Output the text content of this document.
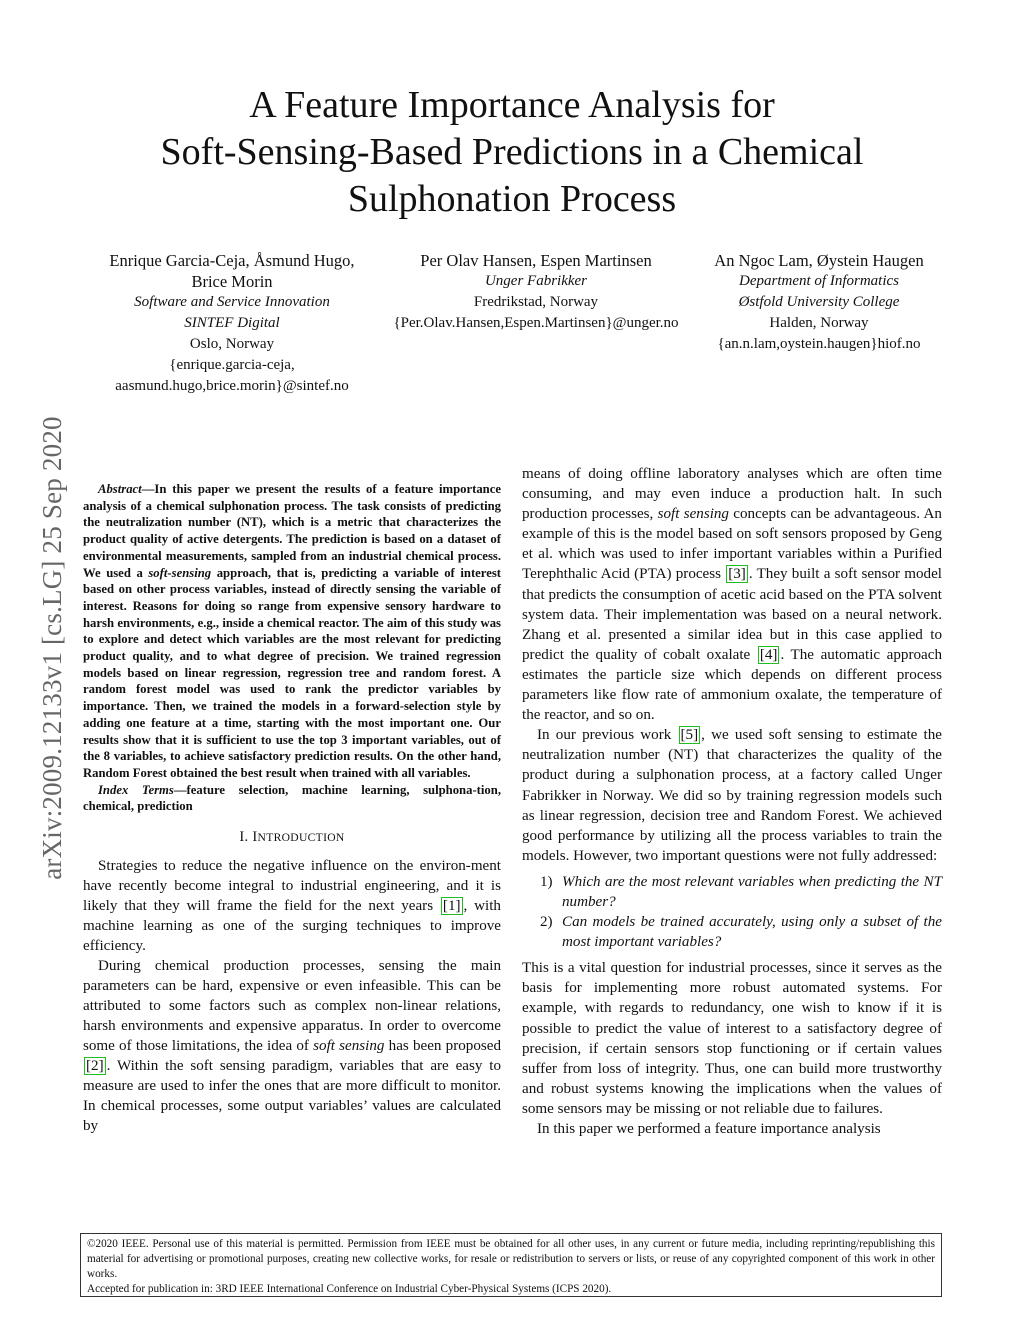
A Feature Importance Analysis for
Soft-Sensing-Based Predictions in a Chemical
Sulphonation Process
arXiv:2009.12133v1 [cs.LG] 25 Sep 2020
Enrique Garcia-Ceja, Åsmund Hugo,
Brice Morin
Software and Service Innovation
SINTEF Digital
Oslo, Norway
{enrique.garcia-ceja,
aasmund.hugo,brice.morin}@sintef.no
Per Olav Hansen, Espen Martinsen
Unger Fabrikker
Fredrikstad, Norway
{Per.Olav.Hansen,Espen.Martinsen}@unger.no
An Ngoc Lam, Øystein Haugen
Department of Informatics
Østfold University College
Halden, Norway
{an.n.lam,oystein.haugen}hiof.no

Abstract—In this paper we present the results of a feature importance analysis of a chemical sulphonation process. The task consists of predicting the neutralization number (NT), which is a metric that characterizes the product quality of active detergents. The prediction is based on a dataset of environmental measurements, sampled from an industrial chemical process. We used a soft-sensing approach, that is, predicting a variable of interest based on other process variables, instead of directly sensing the variable of interest. Reasons for doing so range from expensive sensory hardware to harsh environments, e.g., inside a chemical reactor. The aim of this study was to explore and detect which variables are the most relevant for predicting product quality, and to what degree of precision. We trained regression models based on linear regression, regression tree and random forest. A random forest model was used to rank the predictor variables by importance. Then, we trained the models in a forward-selection style by adding one feature at a time, starting with the most important one. Our results show that it is sufficient to use the top 3 important variables, out of the 8 variables, to achieve satisfactory prediction results. On the other hand, Random Forest obtained the best result when trained with all variables.

Index Terms—feature selection, machine learning, sulphona-tion, chemical, prediction

I. INTRODUCTION

Strategies to reduce the negative influence on the environ-ment have recently become integral to industrial engineering, and it is likely that they will frame the field for the next years [1] , with machine learning as one of the surging techniques to improve efficiency.

During chemical production processes, sensing the main parameters can be hard, expensive or even infeasible. This can be attributed to some factors such as complex non-linear relations, harsh environments and expensive apparatus. In order to overcome some of those limitations, the idea of soft sensing has been proposed [2] . Within the soft sensing paradigm, variables that are easy to measure are used to infer the ones that are more difficult to monitor. In chemical processes, some output variables’ values are calculated by

means of doing offline laboratory analyses which are often time consuming, and may even induce a production halt. In such production processes, soft sensing concepts can be advantageous. An example of this is the model based on soft sensors proposed by Geng et al. which was used to infer important variables within a Purified Terephthalic Acid (PTA) process [3] . They built a soft sensor model that predicts the consumption of acetic acid based on the PTA solvent system data. Their implementation was based on a neural network. Zhang et al. presented a similar idea but in this case applied to predict the quality of cobalt oxalate [4] . The automatic approach estimates the particle size which depends on different process parameters like flow rate of ammonium oxalate, the temperature of the reactor, and so on.

In our previous work [5] , we used soft sensing to estimate the neutralization number (NT) that characterizes the quality of the product during a sulphonation process, at a factory called Unger Fabrikker in Norway. We did so by training regression models such as linear regression, decision tree and Random Forest. We achieved good performance by utilizing all the process variables to train the models. However, two important questions were not fully addressed:

1) Which are the most relevant variables when predicting the NT number?
2) Can models be trained accurately, using only a subset of the most important variables?

This is a vital question for industrial processes, since it serves as the basis for implementing more robust automated systems. For example, with regards to redundancy, one wish to know if it is possible to predict the value of interest to a satisfactory degree of precision, if certain sensors stop functioning or if certain values suffer from loss of integrity. Thus, one can build more trustworthy and robust systems knowing the implications when the values of some sensors may be missing or not reliable due to failures.

In this paper we performed a feature importance analysis

©2020 IEEE. Personal use of this material is permitted. Permission from IEEE must be obtained for all other uses, in any current or future media, including reprinting/republishing this material for advertising or promotional purposes, creating new collective works, for resale or redistribution to servers or lists, or reuse of any copyrighted component of this work in other works.

Accepted for publication in: 3RD IEEE International Conference on Industrial Cyber-Physical Systems (ICPS 2020).
